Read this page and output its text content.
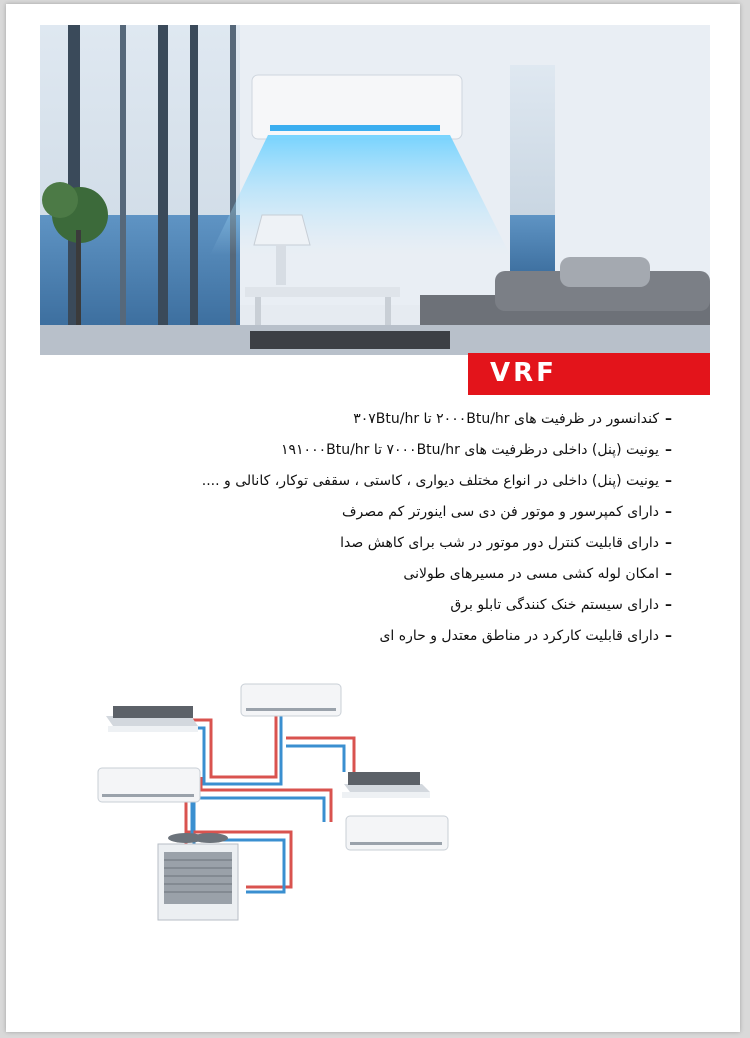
VRF
–کندانسور در ظرفیت های ۲۰۰۰Btu/hr تا ۳۰۷Btu/hr
–یونیت (پنل) داخلی درظرفیت های ۷۰۰۰Btu/hr تا ۱۹۱۰۰۰Btu/hr
–یونیت (پنل) داخلی در انواع مختلف دیواری ، کاستی ، سقفی توکار، کانالی و ....
–دارای کمپرسور و موتور فن دی سی اینورتر کم مصرف
–دارای قابلیت کنترل دور موتور در شب برای کاهش صدا
–امکان لوله کشی مسی در مسیرهای طولانی
–دارای سیستم خنک کنندگی تابلو برق
–دارای قابلیت کارکرد در مناطق معتدل و حاره ای
